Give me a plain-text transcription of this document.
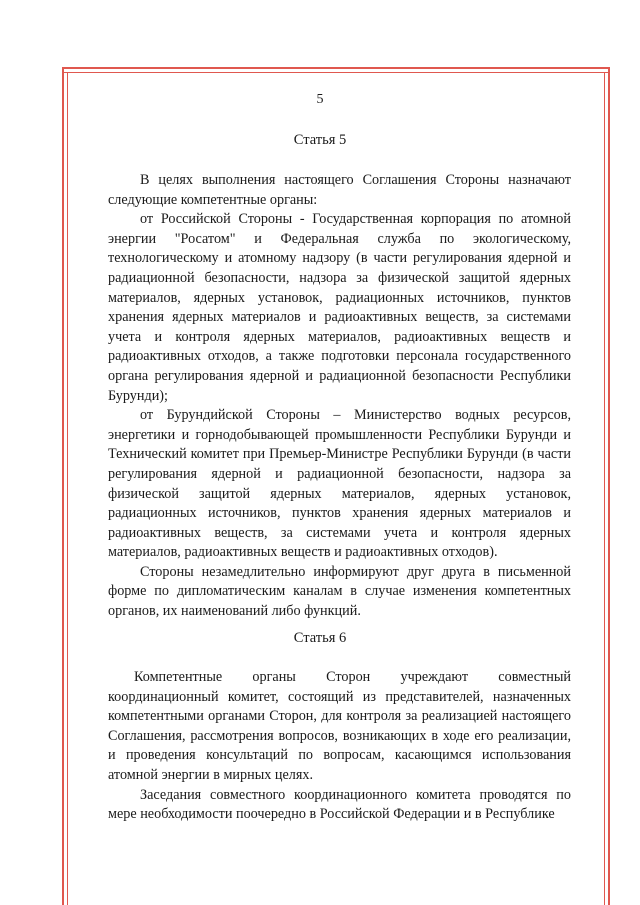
5
Статья 5

В целях выполнения настоящего Соглашения Стороны назначают следующие компетентные органы:

от Российской Стороны - Государственная корпорация по атомной энергии "Росатом" и Федеральная служба по экологическому, технологическому и атомному надзору (в части регулирования ядерной и радиационной безопасности, надзора за физической защитой ядерных материалов, ядерных установок, радиационных источников, пунктов хранения ядерных материалов и радиоактивных веществ, за системами учета и контроля ядерных материалов, радиоактивных веществ и радиоактивных отходов, а также подготовки персонала государственного органа регулирования ядерной и радиационной безопасности Республики Бурунди);

от Бурундийской Стороны – Министерство водных ресурсов, энергетики и горнодобывающей промышленности Республики Бурунди и Технический комитет при Премьер-Министре Республики Бурунди (в части регулирования ядерной и радиационной безопасности, надзора за физической защитой ядерных материалов, ядерных установок, радиационных источников, пунктов хранения ядерных материалов и радиоактивных веществ, за системами учета и контроля ядерных материалов, радиоактивных веществ и радиоактивных отходов).

Стороны незамедлительно информируют друг друга в письменной форме по дипломатическим каналам в случае изменения компетентных органов, их наименований либо функций.

Статья 6

Компетентные органы Сторон учреждают совместный координационный комитет, состоящий из представителей, назначенных компетентными органами Сторон, для контроля за реализацией настоящего Соглашения, рассмотрения вопросов, возникающих в ходе его реализации, и проведения консультаций по вопросам, касающимся использования атомной энергии в мирных целях.

Заседания совместного координационного комитета проводятся по мере необходимости поочередно в Российской Федерации и в Республике
